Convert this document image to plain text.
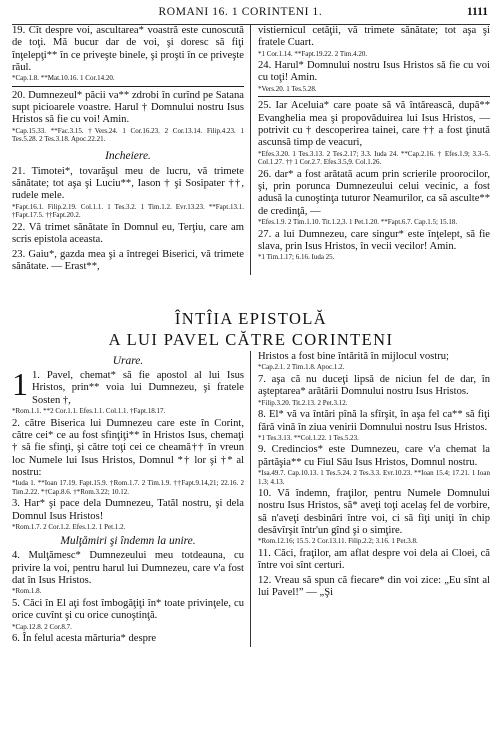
ROMANI 16. 1 CORINTENI 1.	1111

19. Cît despre voi, ascultarea* voastră este cunoscută de toţi. Mă bucur dar de voi, şi doresc să fiţi înţelepţi** în ce priveşte binele, şi proşti în ce priveşte răul.

*Cap.1.8. **Mat.10.16. 1 Cor.14.20.

20. Dumnezeul* păcii va** zdrobi în curînd pe Satana supt picioarele voastre. Harul † Domnului nostru Isus Hristos să fie cu voi! Amin.

*Cap.15.33. **Fac.3.15. †Vers.24. 1 Cor.16.23. 2 Cor.13.14. Filip.4.23. 1 Tes.5.28. 2 Tes.3.18. Apoc.22.21.

Incheiere.

21. Timotei*, tovarăşul meu de lucru, vă trimete sănătate; tot aşa şi Luciu**, Iason † şi Sosipater ††, rudele mele.

*Fapt.16.1. Filip.2.19. Col.1.1. 1 Tes.3.2. 1 Tim.1.2. Evr.13.23. **Fapt.13.1. †Fapt.17.5. ††Fapt.20.2.

22. Vă trimet sănătate în Domnul eu, Terţiu, care am scris epistola aceasta.

23. Gaiu*, gazda mea şi a întregei Biserici, vă trimete sănătate. — Erast**,

vistiernicul cetăţii, vă trimete sănătate; tot aşa şi fratele Cuart.

*1 Cor.1.14. **Fapt.19.22. 2 Tim.4.20.

24. Harul* Domnului nostru Isus Hristos să fie cu voi cu toţi! Amin.

*Vers.20. 1 Tes.5.28.

25. Iar Aceluia* care poate să vă întărească, după** Evanghelia mea şi propovăduirea lui Isus Hristos, — potrivit cu † descoperirea tainei, care †† a fost ţinută ascunsă timp de veacuri,

*Efes.3.20. 1 Tes.3.13. 2 Tes.2.17; 3.3. Iuda 24. **Cap.2.16. † Efes.1.9; 3.3–5. Col.1.27. †† 1 Cor.2.7. Efes.3.5,9. Col.1.26.

26. dar* a fost arătată acum prin scrierile proorocilor, şi, prin porunca Dumnezeului celui vecinic, a fost adusă la cunoştinţa tuturor Neamurilor, ca să asculte** de credinţă, —

*Efes.1.9. 2 Tim.1.10. Tit.1.2,3. 1 Pet.1.20. **Fapt.6.7. Cap.1.5; 15.18.

27. a lui Dumnezeu, care singur* este înţelept, să fie slava, prin Isus Hristos, în vecii vecilor! Amin.

*1 Tim.1.17; 6.16. Iuda 25.

ÎNTÎIA EPISTOLĂ
A LUI PAVEL CĂTRE CORINTENI
Urare.
1 1. Pavel, chemat* să fie apostol al lui Isus Hristos, prin** voia lui Dumnezeu, şi fratele Sosten †,

*Rom.1.1. **2 Cor.1.1. Efes.1.1. Col.1.1. †Fapt.18.17.

2. către Biserica lui Dumnezeu care este în Corint, către cei* ce au fost sfinţiţi** în Hristos Isus, chemaţi † să fie sfinţi, şi către toţi cei ce cheamă†† în vreun loc Numele lui Isus Hristos, Domnul *† lor şi †* al nostru:

*Iuda 1. **Ioan 17.19. Fapt.15.9. †Rom.1.7. 2 Tim.1.9. ††Fapt.9.14,21; 22.16. 2 Tim.2.22. *†Cap.8.6. †*Rom.3.22; 10.12.

3. Har* şi pace dela Dumnezeu, Tatăl nostru, şi dela Domnul Isus Hristos!

*Rom.1.7. 2 Cor.1.2. Efes.1.2. 1 Pet.1.2.

Mulţămiri şi îndemn la unire.

4. Mulţămesc* Dumnezeului meu totdeauna, cu privire la voi, pentru harul lui Dumnezeu, care v'a fost dat în Isus Hristos.

*Rom.1.8.

5. Căci în El aţi fost îmbogăţiţi în* toate privinţele, cu orice cuvînt şi cu orice cunoştinţă.

*Cap.12.8. 2 Cor.8.7.

6. În felul acesta mărturia* despre

Hristos a fost bine întărită în mijlocul vostru;

*Cap.2.1. 2 Tim.1.8. Apoc.1.2.

7. aşa că nu duceţi lipsă de niciun fel de dar, în aşteptarea* arătării Domnului nostru Isus Hristos.

*Filip.3.20. Tit.2.13. 2 Pet.3.12.

8. El* vă va întări pînă la sfîrşit, în aşa fel ca** să fiţi fără vină în ziua venirii Domnului nostru Isus Hristos.

*1 Tes.3.13. **Col.1.22. 1 Tes.5.23.

9. Credincios* este Dumnezeu, care v'a chemat la părtăşia** cu Fiul Său Isus Hristos, Domnul nostru.

*Isa.49.7. Cap.10.13. 1 Tes.5.24. 2 Tes.3.3. Evr.10.23. **Ioan 15.4; 17.21. 1 Ioan 1.3; 4.13.

10. Vă îndemn, fraţilor, pentru Numele Domnului nostru Isus Hristos, să* aveţi toţi acelaş fel de vorbire, să n'aveţi desbinări între voi, ci să fiţi uniţi în chip desăvîrşit într'un gînd şi o simţire.

*Rom.12.16; 15.5. 2 Cor.13.11. Filip.2.2; 3.16. 1 Pet.3.8.

11. Căci, fraţilor, am aflat despre voi dela ai Cloei, că între voi sînt certuri.

12. Vreau să spun că fiecare* din voi zice: „Eu sînt al lui Pavel!” — „Şi
